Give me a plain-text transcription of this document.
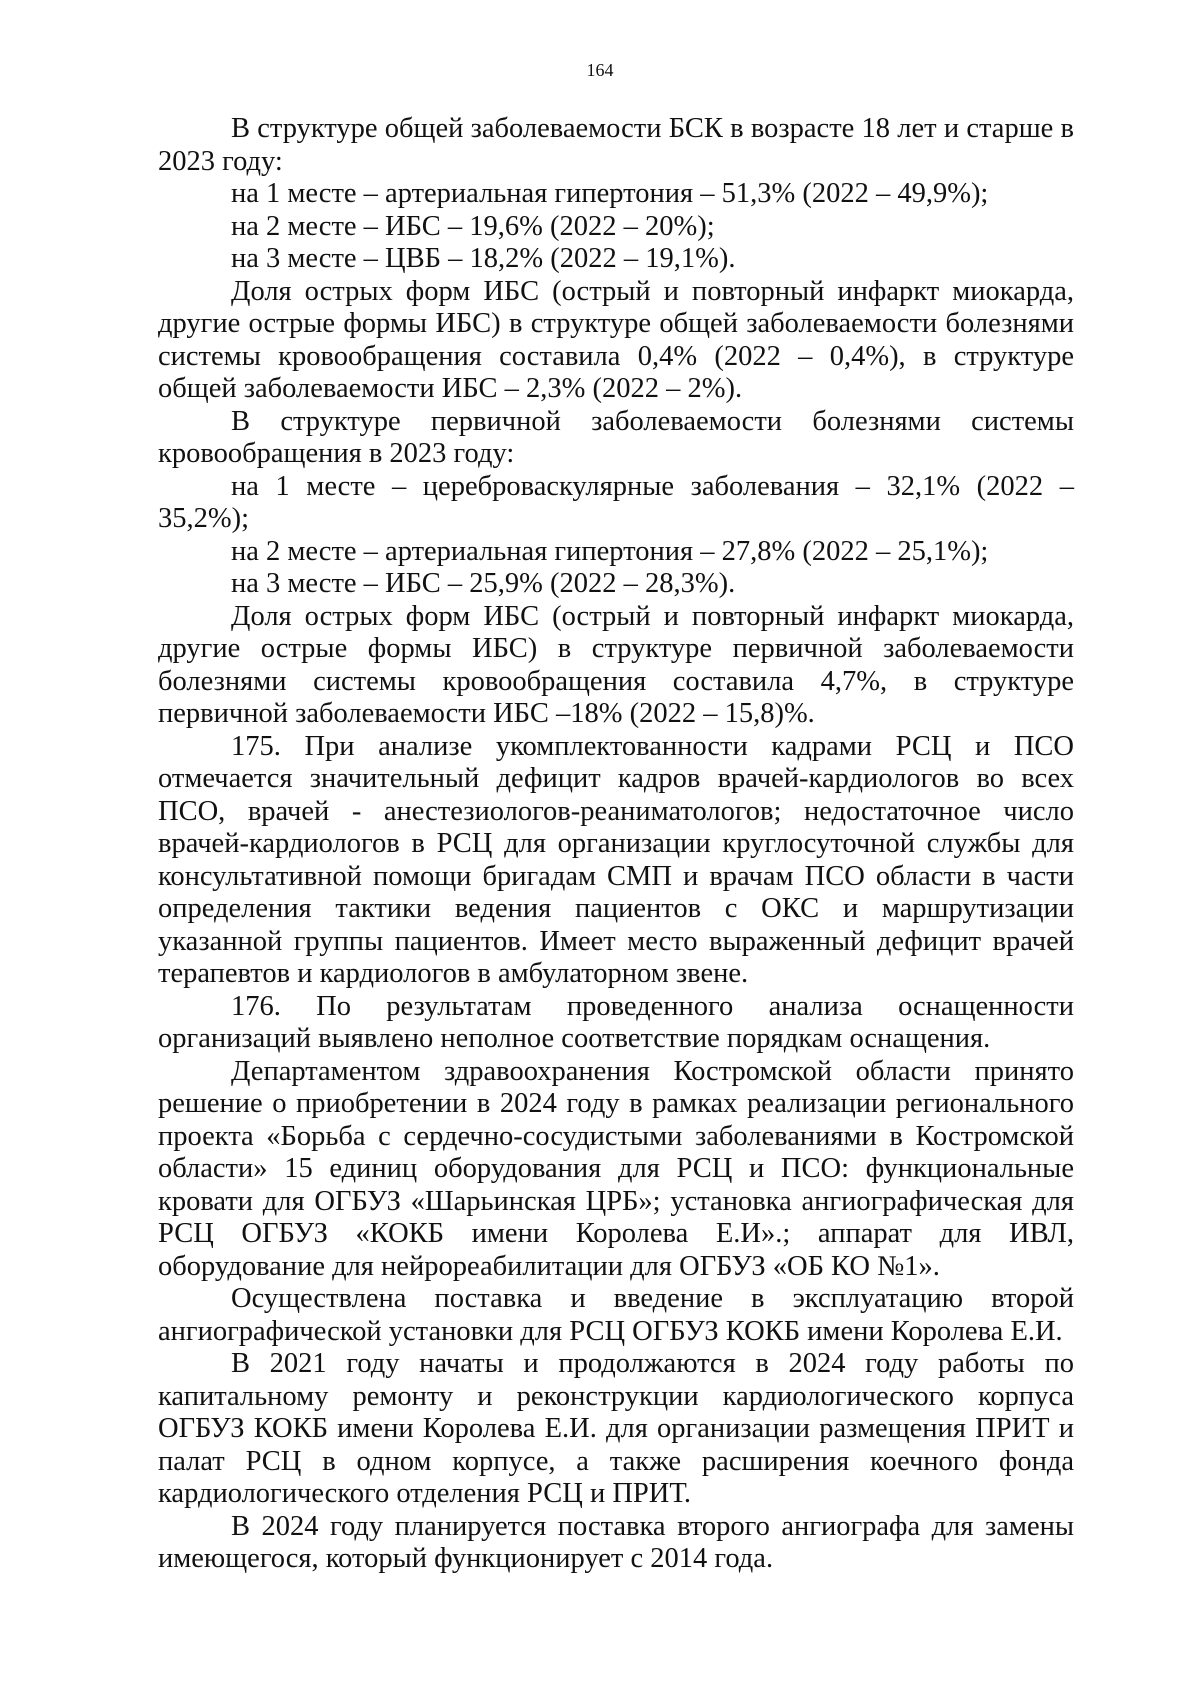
164

В структуре общей заболеваемости БСК в возрасте 18 лет и старше в 2023 году:

на 1 месте – артериальная гипертония – 51,3% (2022 – 49,9%);

на 2 месте – ИБС – 19,6% (2022 – 20%);

на 3 месте – ЦВБ – 18,2% (2022 – 19,1%).

Доля острых форм ИБС (острый и повторный инфаркт миокарда, другие острые формы ИБС) в структуре общей заболеваемости болезнями системы кровообращения составила 0,4% (2022 – 0,4%), в структуре общей заболеваемости ИБС – 2,3% (2022 – 2%).

В структуре первичной заболеваемости болезнями системы кровообращения в 2023 году:

на 1 месте – цереброваскулярные заболевания – 32,1% (2022 – 35,2%);

на 2 месте – артериальная гипертония – 27,8% (2022 – 25,1%);

на 3 месте – ИБС – 25,9% (2022 – 28,3%).

Доля острых форм ИБС (острый и повторный инфаркт миокарда, другие острые формы ИБС) в структуре первичной заболеваемости болезнями системы кровообращения составила 4,7%, в структуре первичной заболеваемости ИБС –18% (2022 – 15,8)%.

175. При анализе укомплектованности кадрами РСЦ и ПСО отмечается значительный дефицит кадров врачей-кардиологов во всех ПСО, врачей - анестезиологов-реаниматологов; недостаточное число врачей-кардиологов в РСЦ для организации круглосуточной службы для консультативной помощи бригадам СМП и врачам ПСО области в части определения тактики ведения пациентов с ОКС и маршрутизации указанной группы пациентов. Имеет место выраженный дефицит врачей терапевтов и кардиологов в амбулаторном звене.

176. По результатам проведенного анализа оснащенности организаций выявлено неполное соответствие порядкам оснащения.

Департаментом здравоохранения Костромской области принято решение о приобретении в 2024 году в рамках реализации регионального проекта «Борьба с сердечно-сосудистыми заболеваниями в Костромской области» 15 единиц оборудования для РСЦ и ПСО: функциональные кровати для ОГБУЗ «Шарьинская ЦРБ»; установка ангиографическая для РСЦ ОГБУЗ «КОКБ имени Королева Е.И».; аппарат для ИВЛ, оборудование для нейрореабилитации для ОГБУЗ «ОБ КО №1».

Осуществлена поставка и введение в эксплуатацию второй ангиографической установки для РСЦ ОГБУЗ КОКБ имени Королева Е.И.

В 2021 году начаты и продолжаются в 2024 году работы по капитальному ремонту и реконструкции кардиологического корпуса ОГБУЗ КОКБ имени Королева Е.И. для организации размещения ПРИТ и палат РСЦ в одном корпусе, а также расширения коечного фонда кардиологического отделения РСЦ и ПРИТ.

В 2024 году планируется поставка второго ангиографа для замены имеющегося, который функционирует с 2014 года.
